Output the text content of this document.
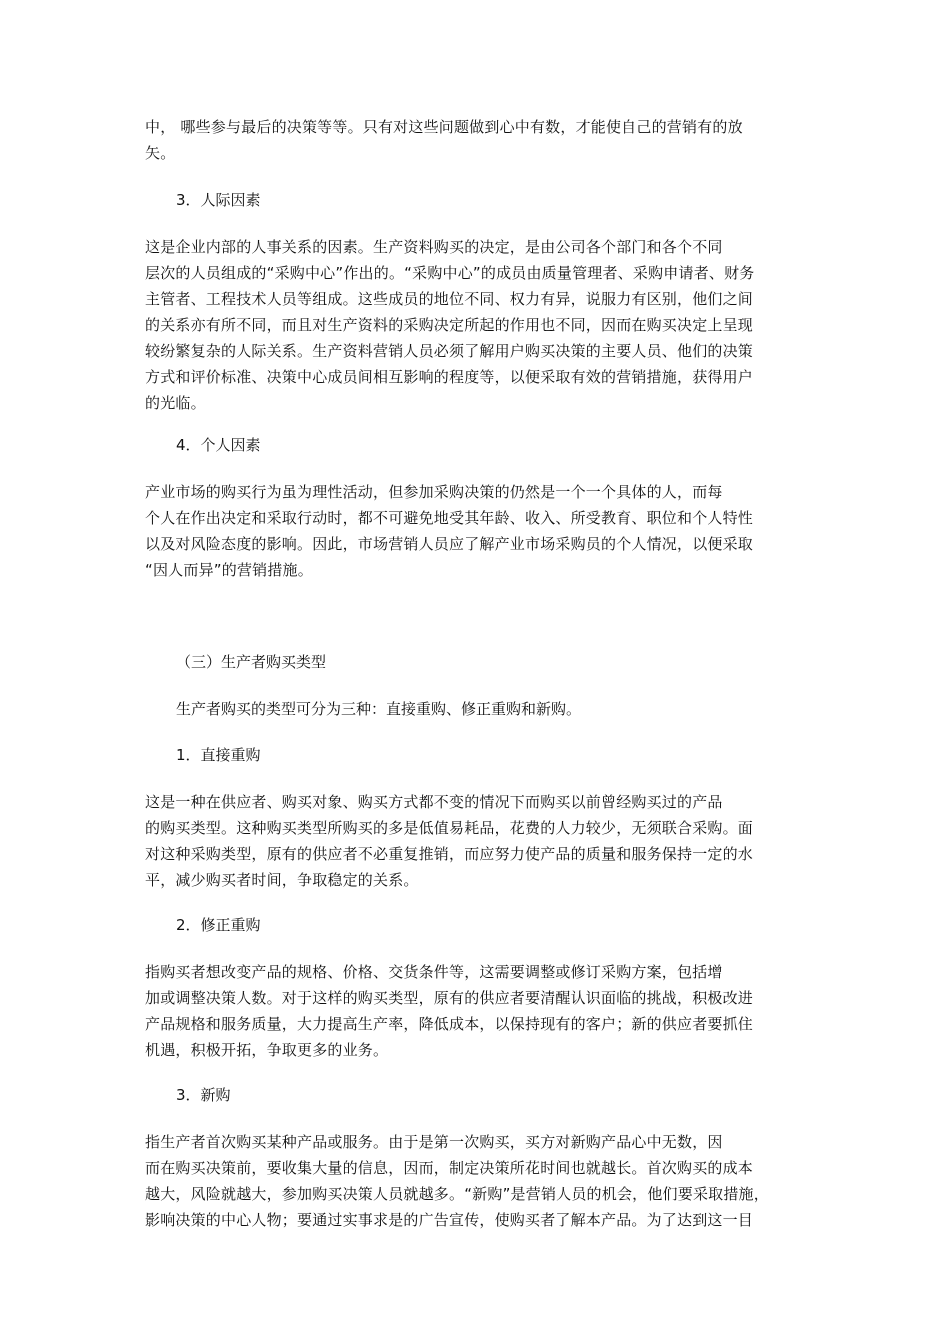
中， 哪些参与最后的决策等等。只有对这些问题做到心中有数，才能使自己的营销有的放
矢。
3．人际因素
这是企业内部的人事关系的因素。生产资料购买的决定，是由公司各个部门和各个不同
层次的人员组成的“采购中心”作出的。“采购中心”的成员由质量管理者、采购申请者、财务
主管者、工程技术人员等组成。这些成员的地位不同、权力有异，说服力有区别，他们之间
的关系亦有所不同，而且对生产资料的采购决定所起的作用也不同，因而在购买决定上呈现
较纷繁复杂的人际关系。生产资料营销人员必须了解用户购买决策的主要人员、他们的决策
方式和评价标准、决策中心成员间相互影响的程度等，以便采取有效的营销措施，获得用户
的光临。
4．个人因素
产业市场的购买行为虽为理性活动，但参加采购决策的仍然是一个一个具体的人，而每
个人在作出决定和采取行动时，都不可避免地受其年龄、收入、所受教育、职位和个人特性
以及对风险态度的影响。因此，市场营销人员应了解产业市场采购员的个人情况，以便采取
“因人而异”的营销措施。
（三）生产者购买类型
生产者购买的类型可分为三种：直接重购、修正重购和新购。
1．直接重购
这是一种在供应者、购买对象、购买方式都不变的情况下而购买以前曾经购买过的产品
的购买类型。这种购买类型所购买的多是低值易耗品，花费的人力较少，无须联合采购。面
对这种采购类型，原有的供应者不必重复推销，而应努力使产品的质量和服务保持一定的水
平，减少购买者时间，争取稳定的关系。
2．修正重购
指购买者想改变产品的规格、价格、交货条件等，这需要调整或修订采购方案，包括增
加或调整决策人数。对于这样的购买类型，原有的供应者要清醒认识面临的挑战，积极改进
产品规格和服务质量，大力提高生产率，降低成本，以保持现有的客户；新的供应者要抓住
机遇，积极开拓，争取更多的业务。
3．新购
指生产者首次购买某种产品或服务。由于是第一次购买，买方对新购产品心中无数，因
而在购买决策前，要收集大量的信息，因而，制定决策所花时间也就越长。首次购买的成本
越大，风险就越大，参加购买决策人员就越多。“新购”是营销人员的机会，他们要采取措施，
影响决策的中心人物；要通过实事求是的广告宣传，使购买者了解本产品。为了达到这一目
